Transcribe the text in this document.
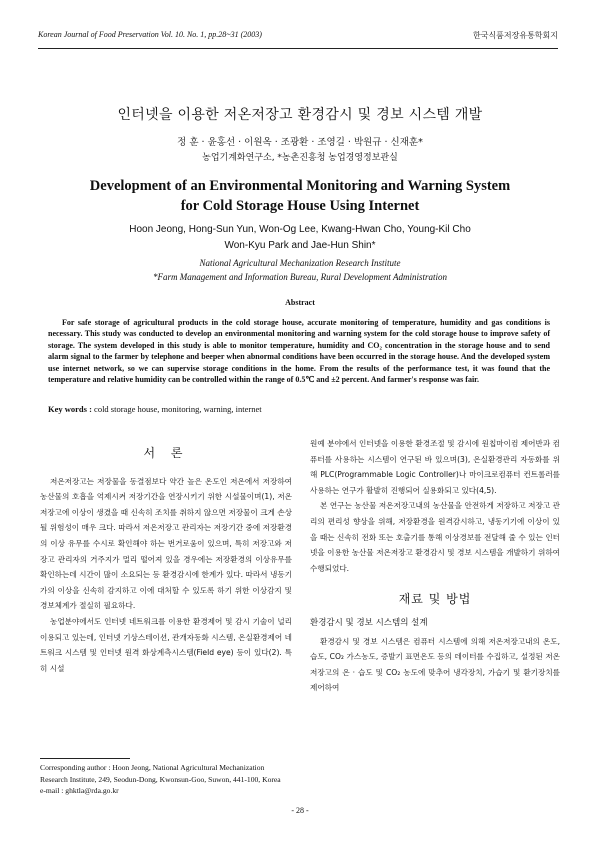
Korean Journal of Food Preservation Vol. 10. No. 1, pp.28~31 (2003)	한국식품저장유통학회지
인터넷을 이용한 저온저장고 환경감시 및 경보 시스템 개발
정 훈 · 윤홍선 · 이원옥 · 조광환 · 조영길 · 박원규 · 신재훈*
농업기계화연구소, *농촌진흥청 농업경영정보관실
Development of an Environmental Monitoring and Warning System
for Cold Storage House Using Internet
Hoon Jeong, Hong-Sun Yun, Won-Og Lee, Kwang-Hwan Cho, Young-Kil Cho
Won-Kyu Park and Jae-Hun Shin*
National Agricultural Mechanization Research Institute
*Farm Management and Information Bureau, Rural Development Administration
Abstract
For safe storage of agricultural products in the cold storage house, accurate monitoring of temperature, humidity and gas conditions is necessary. This study was conducted to develop an environmental monitoring and warning system for the cold storage house to improve safety of storage. The system developed in this study is able to monitor temperature, humidity and CO₂ concentration in the storage house and to send alarm signal to the farmer by telephone and beeper when abnormal conditions have been occurred in the storage house. And the developed system use internet network, so we can supervise storage conditions in the home. From the results of the performance test, it was found that the temperature and relative humidity can be controlled within the range of 0.5℃ and ±2 percent. And farmer's response was fair.
Key words : cold storage house, monitoring, warning, internet
서 론

저온저장고는 저장물을 동결점보다 약간 높은 온도인 저온에서 저장하여 농산물의 호흡을 억제시켜 저장기간을 연장시키기 위한 시설물이며(1), 저온저장고에 이상이 생겼을 때 신속히 조치를 취하지 않으면 저장물이 크게 손상될 위험성이 매우 크다. 따라서 저온저장고 관리자는 저장기간 중에 저장환경의 이상 유무를 수시로 확인해야 하는 번거로움이 있으며, 특히 저장고와 저장고 관리자의 거주지가 멀리 떨어져 있을 경우에는 저장환경의 이상유무를 확인하는데 시간이 많이 소요되는 등 환경감시에 한계가 있다. 따라서 냉동기가의 이상을 신속히 감지하고 이에 대처할 수 있도록 하기 위한 이상감지 및 경보체계가 절실히 필요하다.

농업분야에서도 인터넷 네트워크를 이용한 환경제어 및 감시 기술이 널리 이용되고 있는데, 인터넷 기상스테이션, 관개자동화 시스템, 온실환경제어 네트워크 시스템 및 인터넷 원격 화상계측시스템(Field eye) 등이 있다(2). 특히 시설

원예 분야에서 인터넷을 이용한 환경조절 및 감시에 원칩마이컴 제어반과 컴퓨터를 사용하는 시스템이 연구된 바 있으며(3), 온실환경관리 자동화를 위해 PLC(Programmable Logic Controller)나 마이크로컴퓨터 컨트롤러를 사용하는 연구가 활발히 진행되어 실용화되고 있다(4,5).

본 연구는 농산물 저온저장고내의 농산물을 안전하게 저장하고 저장고 관리의 편리성 향상을 위해, 저장환경을 원격감시하고, 냉동기기에 이상이 있을 때는 신속히 전화 또는 호출기를 통해 이상경보를 전달해 줄 수 있는 인터넷을 이용한 농산물 저온저장고 환경감시 및 경보 시스템을 개발하기 위하여 수행되었다.

재료 및 방법
환경감시 및 경보 시스템의 설계

환경감시 및 경보 시스템은 컴퓨터 시스템에 의해 저온저장고내의 온도, 습도, CO₂ 가스농도, 증발기 표면온도 등의 데이터를 수집하고, 설정된 저온저장고의 온 · 습도 및 CO₂ 농도에 맞추어 냉각장치, 가습기 및 환기장치를 제어하여

Corresponding author : Hoon Jeong, National Agricultural Mechanization Research Institute, 249, Seodun-Dong, Kwonsun-Goo, Suwon, 441-100, Korea
e-mail : ghktla@rda.go.kr
- 28 -
